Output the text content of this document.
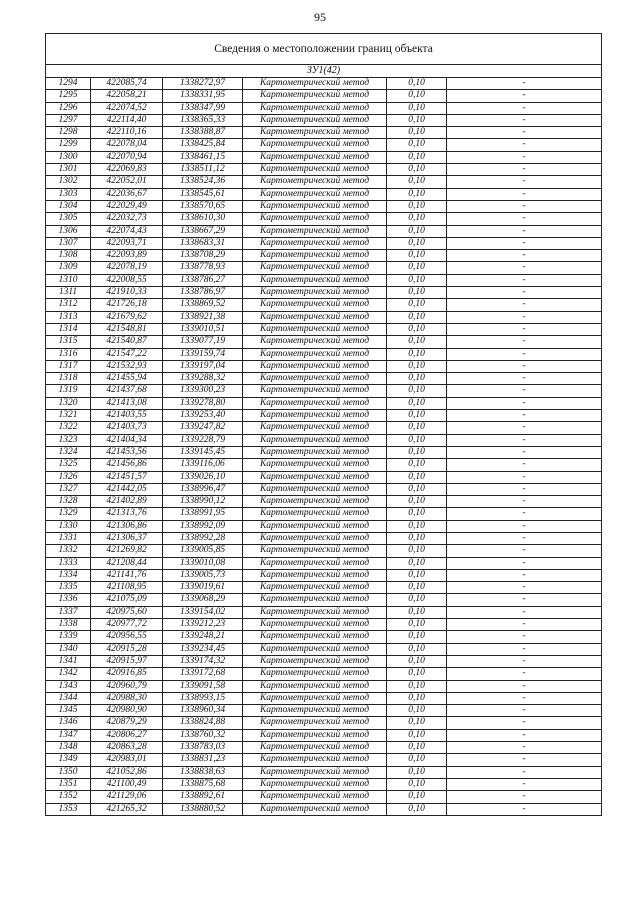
95
Сведения о местоположении границ объекта					
ЗУ1(42)					
1294	422085,74	1338272,97	Картометрический метод	0,10	-
1295	422058,21	1338331,95	Картометрический метод	0,10	-
1296	422074,52	1338347,99	Картометрический метод	0,10	-
1297	422114,40	1338365,33	Картометрический метод	0,10	-
1298	422110,16	1338388,87	Картометрический метод	0,10	-
1299	422078,04	1338425,84	Картометрический метод	0,10	-
1300	422070,94	1338461,15	Картометрический метод	0,10	-
1301	422069,83	1338511,12	Картометрический метод	0,10	-
1302	422052,01	1338524,36	Картометрический метод	0,10	-
1303	422036,67	1338545,61	Картометрический метод	0,10	-
1304	422029,49	1338570,65	Картометрический метод	0,10	-
1305	422032,73	1338610,30	Картометрический метод	0,10	-
1306	422074,43	1338667,29	Картометрический метод	0,10	-
1307	422093,71	1338683,31	Картометрический метод	0,10	-
1308	422093,89	1338708,29	Картометрический метод	0,10	-
1309	422078,19	1338778,93	Картометрический метод	0,10	-
1310	422008,55	1338786,27	Картометрический метод	0,10	-
1311	421910,33	1338786,97	Картометрический метод	0,10	-
1312	421726,18	1338869,52	Картометрический метод	0,10	-
1313	421679,62	1338921,38	Картометрический метод	0,10	-
1314	421548,81	1339010,51	Картометрический метод	0,10	-
1315	421540,87	1339077,19	Картометрический метод	0,10	-
1316	421547,22	1339159,74	Картометрический метод	0,10	-
1317	421532,93	1339197,04	Картометрический метод	0,10	-
1318	421455,94	1339288,32	Картометрический метод	0,10	-
1319	421437,68	1339300,23	Картометрический метод	0,10	-
1320	421413,08	1339278,80	Картометрический метод	0,10	-
1321	421403,55	1339253,40	Картометрический метод	0,10	-
1322	421403,73	1339247,82	Картометрический метод	0,10	-
1323	421404,34	1339228,79	Картометрический метод	0,10	-
1324	421453,56	1339145,45	Картометрический метод	0,10	-
1325	421456,86	1339116,06	Картометрический метод	0,10	-
1326	421451,57	1339026,10	Картометрический метод	0,10	-
1327	421442,05	1338996,47	Картометрический метод	0,10	-
1328	421402,89	1338990,12	Картометрический метод	0,10	-
1329	421313,76	1338991,95	Картометрический метод	0,10	-
1330	421306,86	1338992,09	Картометрический метод	0,10	-
1331	421306,37	1338992,28	Картометрический метод	0,10	-
1332	421269,82	1339005,85	Картометрический метод	0,10	-
1333	421208,44	1339010,08	Картометрический метод	0,10	-
1334	421141,76	1339005,73	Картометрический метод	0,10	-
1335	421108,95	1339019,61	Картометрический метод	0,10	-
1336	421075,09	1339068,29	Картометрический метод	0,10	-
1337	420975,60	1339154,02	Картометрический метод	0,10	-
1338	420977,72	1339212,23	Картометрический метод	0,10	-
1339	420956,55	1339248,21	Картометрический метод	0,10	-
1340	420915,28	1339234,45	Картометрический метод	0,10	-
1341	420915,97	1339174,32	Картометрический метод	0,10	-
1342	420916,85	1339172,68	Картометрический метод	0,10	-
1343	420960,79	1339091,58	Картометрический метод	0,10	-
1344	420988,30	1338993,15	Картометрический метод	0,10	-
1345	420980,90	1338960,34	Картометрический метод	0,10	-
1346	420879,29	1338824,88	Картометрический метод	0,10	-
1347	420806,27	1338760,32	Картометрический метод	0,10	-
1348	420863,28	1338783,03	Картометрический метод	0,10	-
1349	420983,01	1338831,23	Картометрический метод	0,10	-
1350	421052,86	1338838,63	Картометрический метод	0,10	-
1351	421100,49	1338875,68	Картометрический метод	0,10	-
1352	421129,06	1338892,61	Картометрический метод	0,10	-
1353	421265,32	1338880,52	Картометрический метод	0,10	-
